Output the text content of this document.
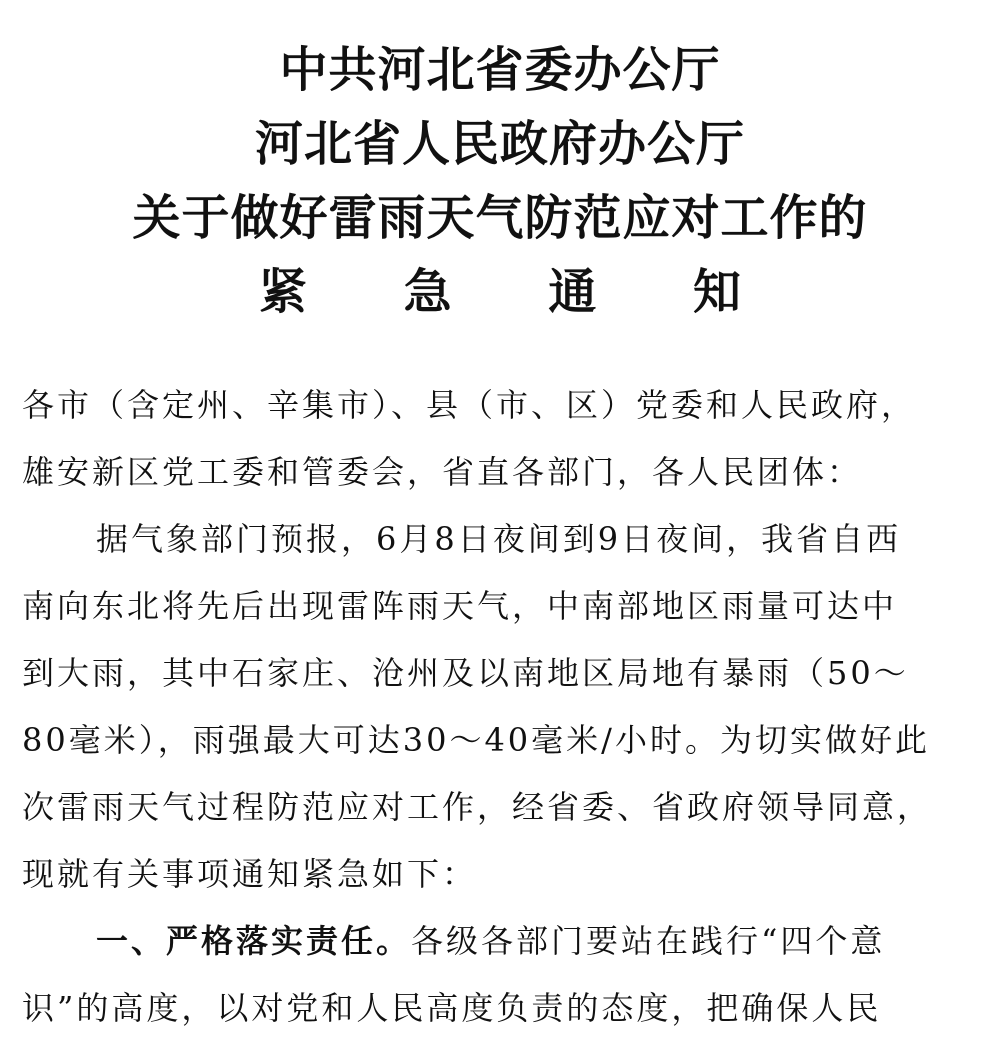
中共河北省委办公厅
河北省人民政府办公厅
关于做好雷雨天气防范应对工作的
紧 急 通 知
各市（含定州、辛集市）、县（市、区）党委和人民政府，
雄安新区党工委和管委会，省直各部门，各人民团体：
据气象部门预报，6月8日夜间到9日夜间，我省自西
南向东北将先后出现雷阵雨天气，中南部地区雨量可达中
到大雨，其中石家庄、沧州及以南地区局地有暴雨（50～
80毫米），雨强最大可达30～40毫米/小时。为切实做好此
次雷雨天气过程防范应对工作，经省委、省政府领导同意，
现就有关事项通知紧急如下：
一、严格落实责任。各级各部门要站在践行“四个意
识”的高度，以对党和人民高度负责的态度，把确保人民
